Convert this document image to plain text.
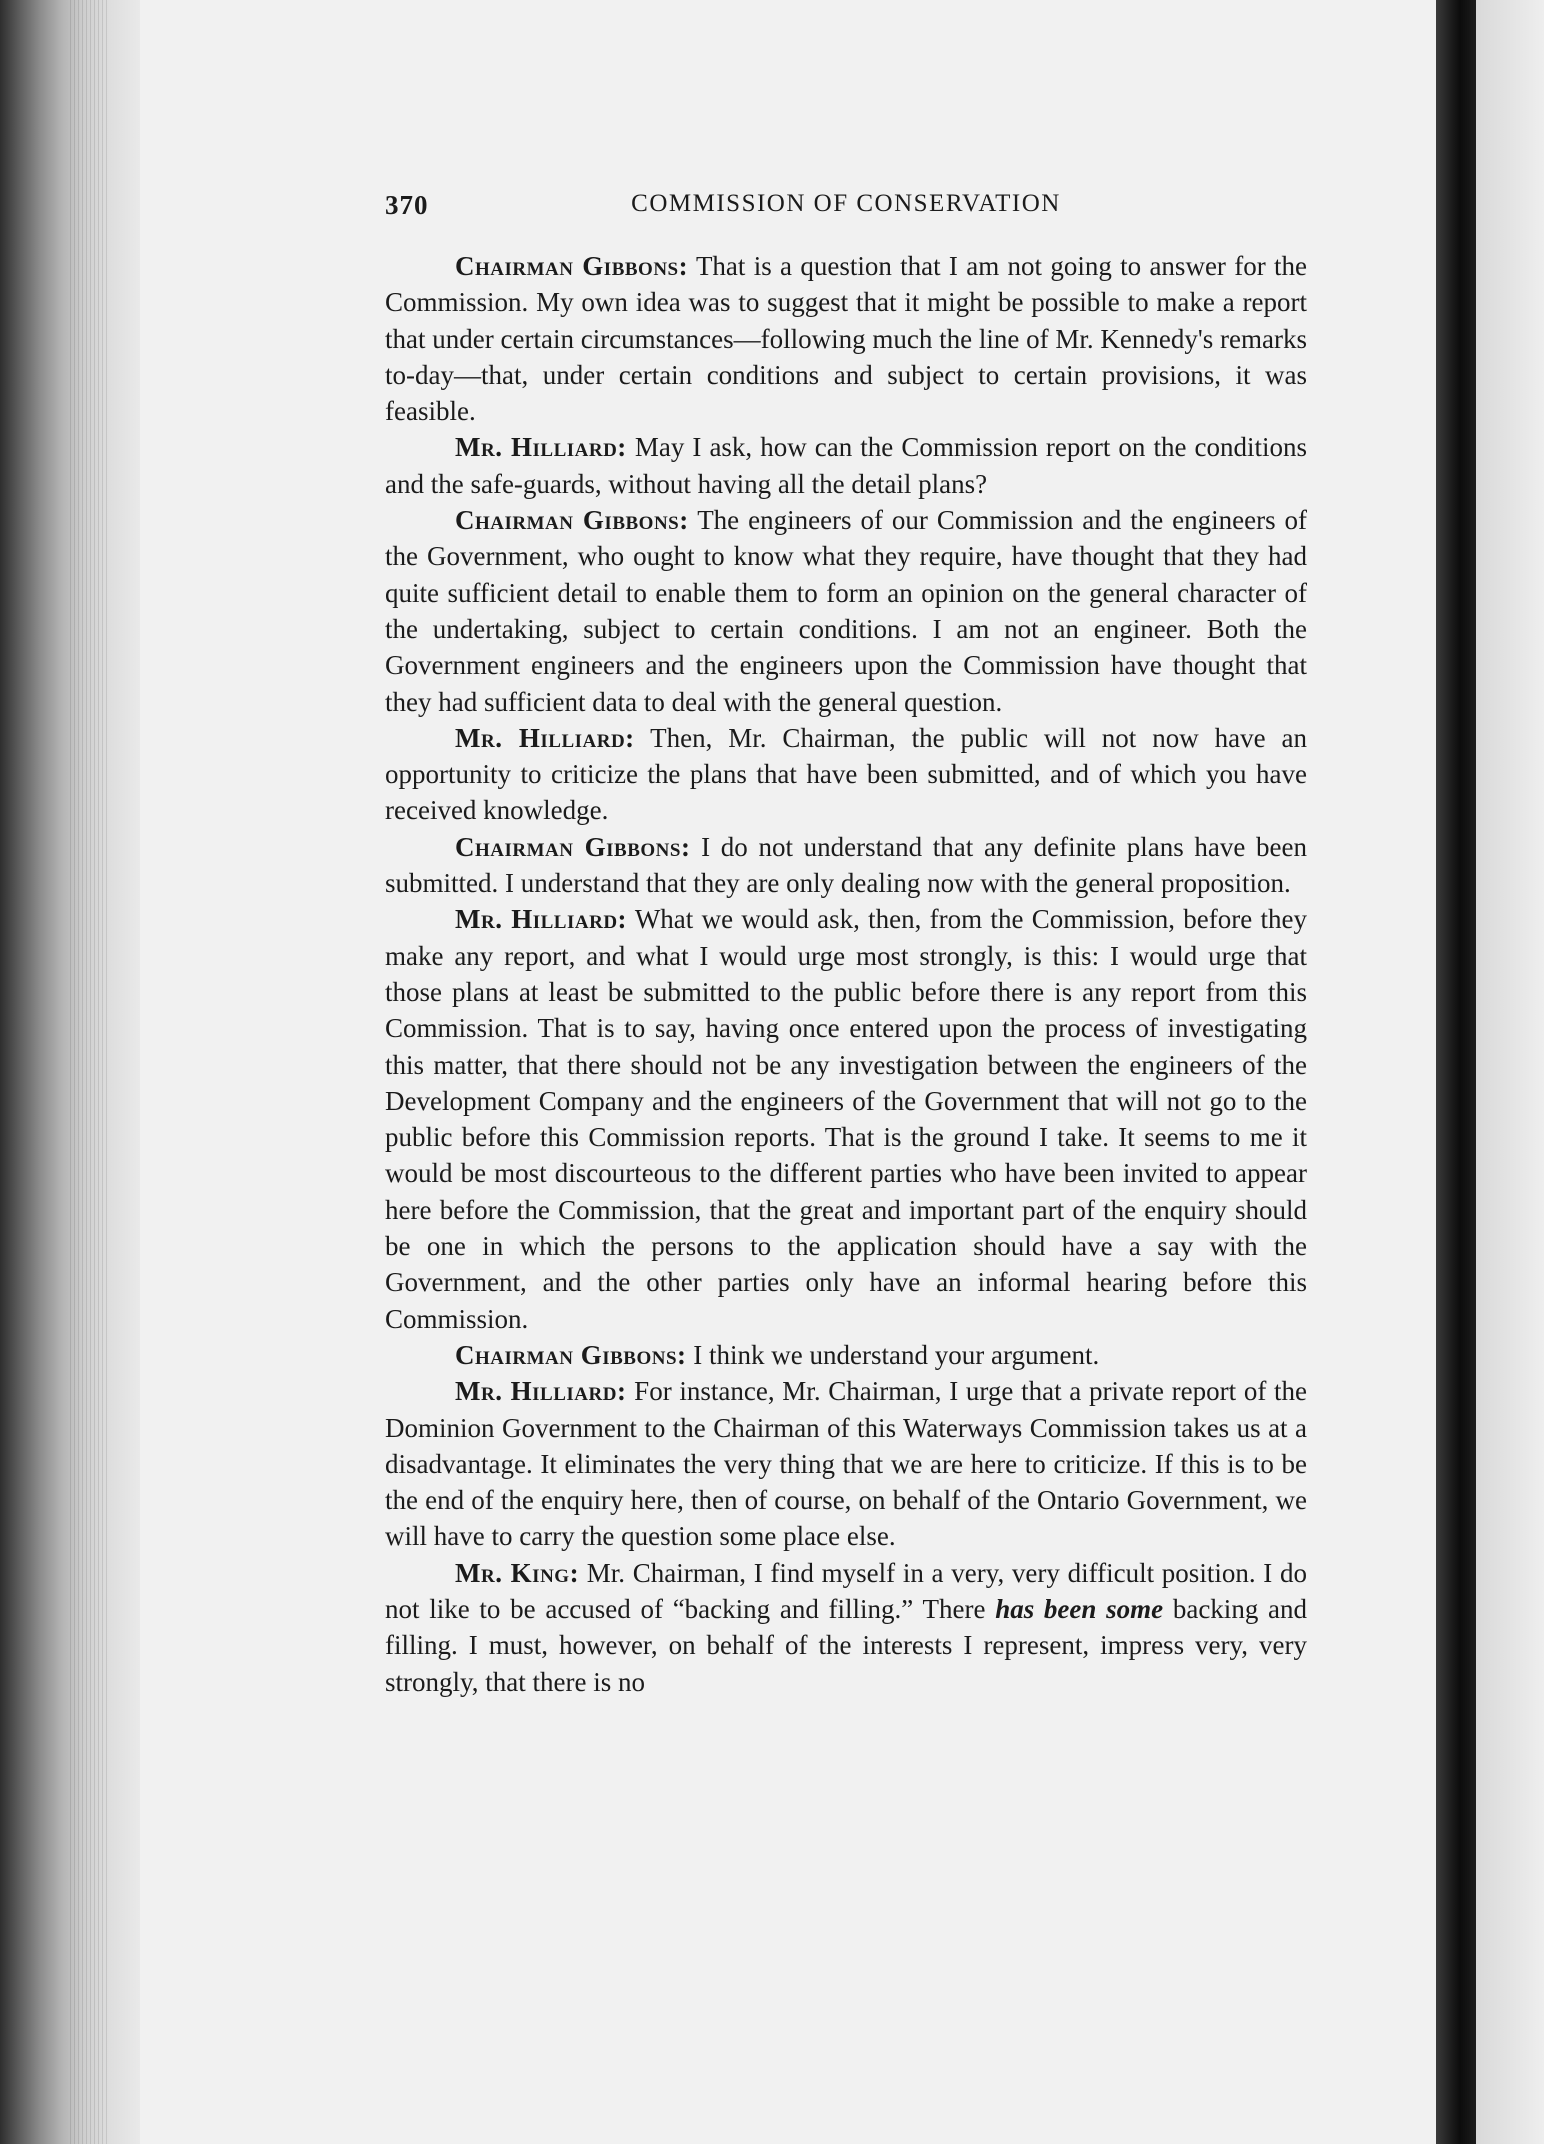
370	COMMISSION OF CONSERVATION

Chairman Gibbons: That is a question that I am not going to answer for the Commission. My own idea was to suggest that it might be possible to make a report that under certain circumstances—following much the line of Mr. Kennedy's remarks to-day—that, under certain conditions and subject to certain provisions, it was feasible.

Mr. Hilliard: May I ask, how can the Commission report on the conditions and the safe-guards, without having all the detail plans?

Chairman Gibbons: The engineers of our Commission and the engineers of the Government, who ought to know what they require, have thought that they had quite sufficient detail to enable them to form an opinion on the general character of the undertaking, subject to certain conditions. I am not an engineer. Both the Government engineers and the engineers upon the Commission have thought that they had sufficient data to deal with the general question.

Mr. Hilliard: Then, Mr. Chairman, the public will not now have an opportunity to criticize the plans that have been submitted, and of which you have received knowledge.

Chairman Gibbons: I do not understand that any definite plans have been submitted. I understand that they are only dealing now with the general proposition.

Mr. Hilliard: What we would ask, then, from the Commission, before they make any report, and what I would urge most strongly, is this: I would urge that those plans at least be submitted to the public before there is any report from this Commission. That is to say, having once entered upon the process of investigating this matter, that there should not be any investigation between the engineers of the Development Company and the engineers of the Government that will not go to the public before this Commission reports. That is the ground I take. It seems to me it would be most discourteous to the different parties who have been invited to appear here before the Commission, that the great and important part of the enquiry should be one in which the persons to the application should have a say with the Government, and the other parties only have an informal hearing before this Commission.

Chairman Gibbons: I think we understand your argument.

Mr. Hilliard: For instance, Mr. Chairman, I urge that a private report of the Dominion Government to the Chairman of this Waterways Commission takes us at a disadvantage. It eliminates the very thing that we are here to criticize. If this is to be the end of the enquiry here, then of course, on behalf of the Ontario Government, we will have to carry the question some place else.

Mr. King: Mr. Chairman, I find myself in a very, very difficult position. I do not like to be accused of “backing and filling.” There has been some backing and filling. I must, however, on behalf of the interests I represent, impress very, very strongly, that there is no
